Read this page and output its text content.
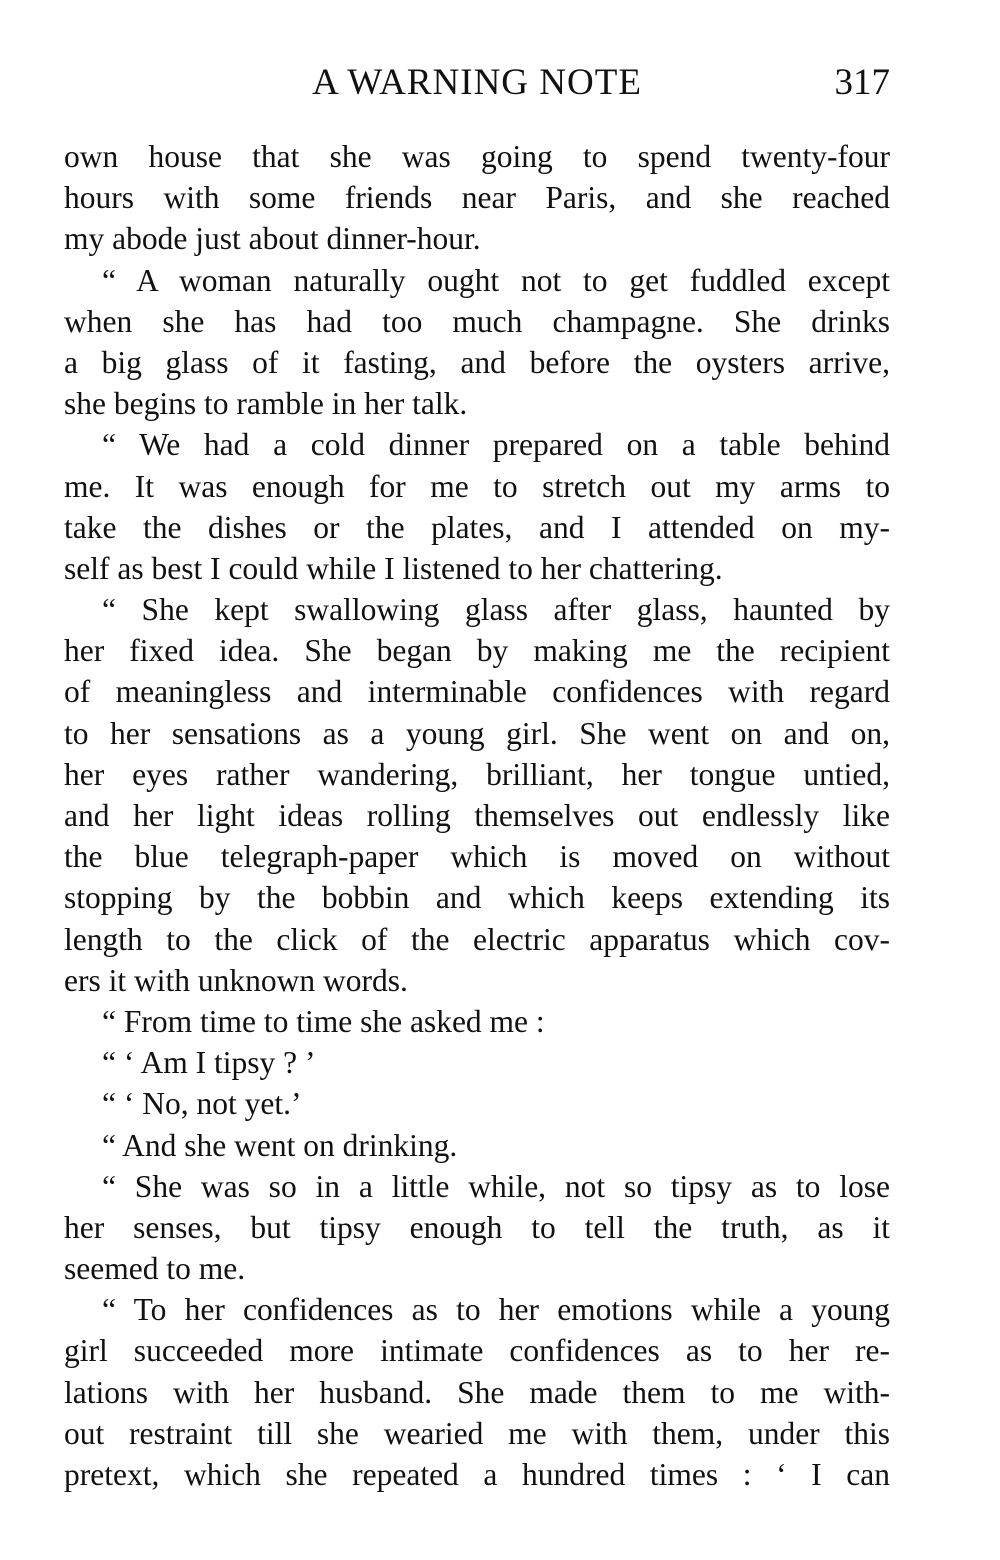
A WARNING NOTE	317
own house that she was going to spend twenty-four
hours with some friends near Paris, and she reached
my abode just about dinner-hour.
“ A woman naturally ought not to get fuddled except
when she has had too much champagne. She drinks
a big glass of it fasting, and before the oysters arrive,
she begins to ramble in her talk.
“ We had a cold dinner prepared on a table behind
me. It was enough for me to stretch out my arms to
take the dishes or the plates, and I attended on my-
self as best I could while I listened to her chattering.
“ She kept swallowing glass after glass, haunted by
her fixed idea. She began by making me the recipient
of meaningless and interminable confidences with regard
to her sensations as a young girl. She went on and on,
her eyes rather wandering, brilliant, her tongue untied,
and her light ideas rolling themselves out endlessly like
the blue telegraph-paper which is moved on without
stopping by the bobbin and which keeps extending its
length to the click of the electric apparatus which cov-
ers it with unknown words.
“ From time to time she asked me :
“ ‘ Am I tipsy ? ’
“ ‘ No, not yet.’
“ And she went on drinking.
“ She was so in a little while, not so tipsy as to lose
her senses, but tipsy enough to tell the truth, as it
seemed to me.
“ To her confidences as to her emotions while a young
girl succeeded more intimate confidences as to her re-
lations with her husband. She made them to me with-
out restraint till she wearied me with them, under this
pretext, which she repeated a hundred times : ‘ I can
